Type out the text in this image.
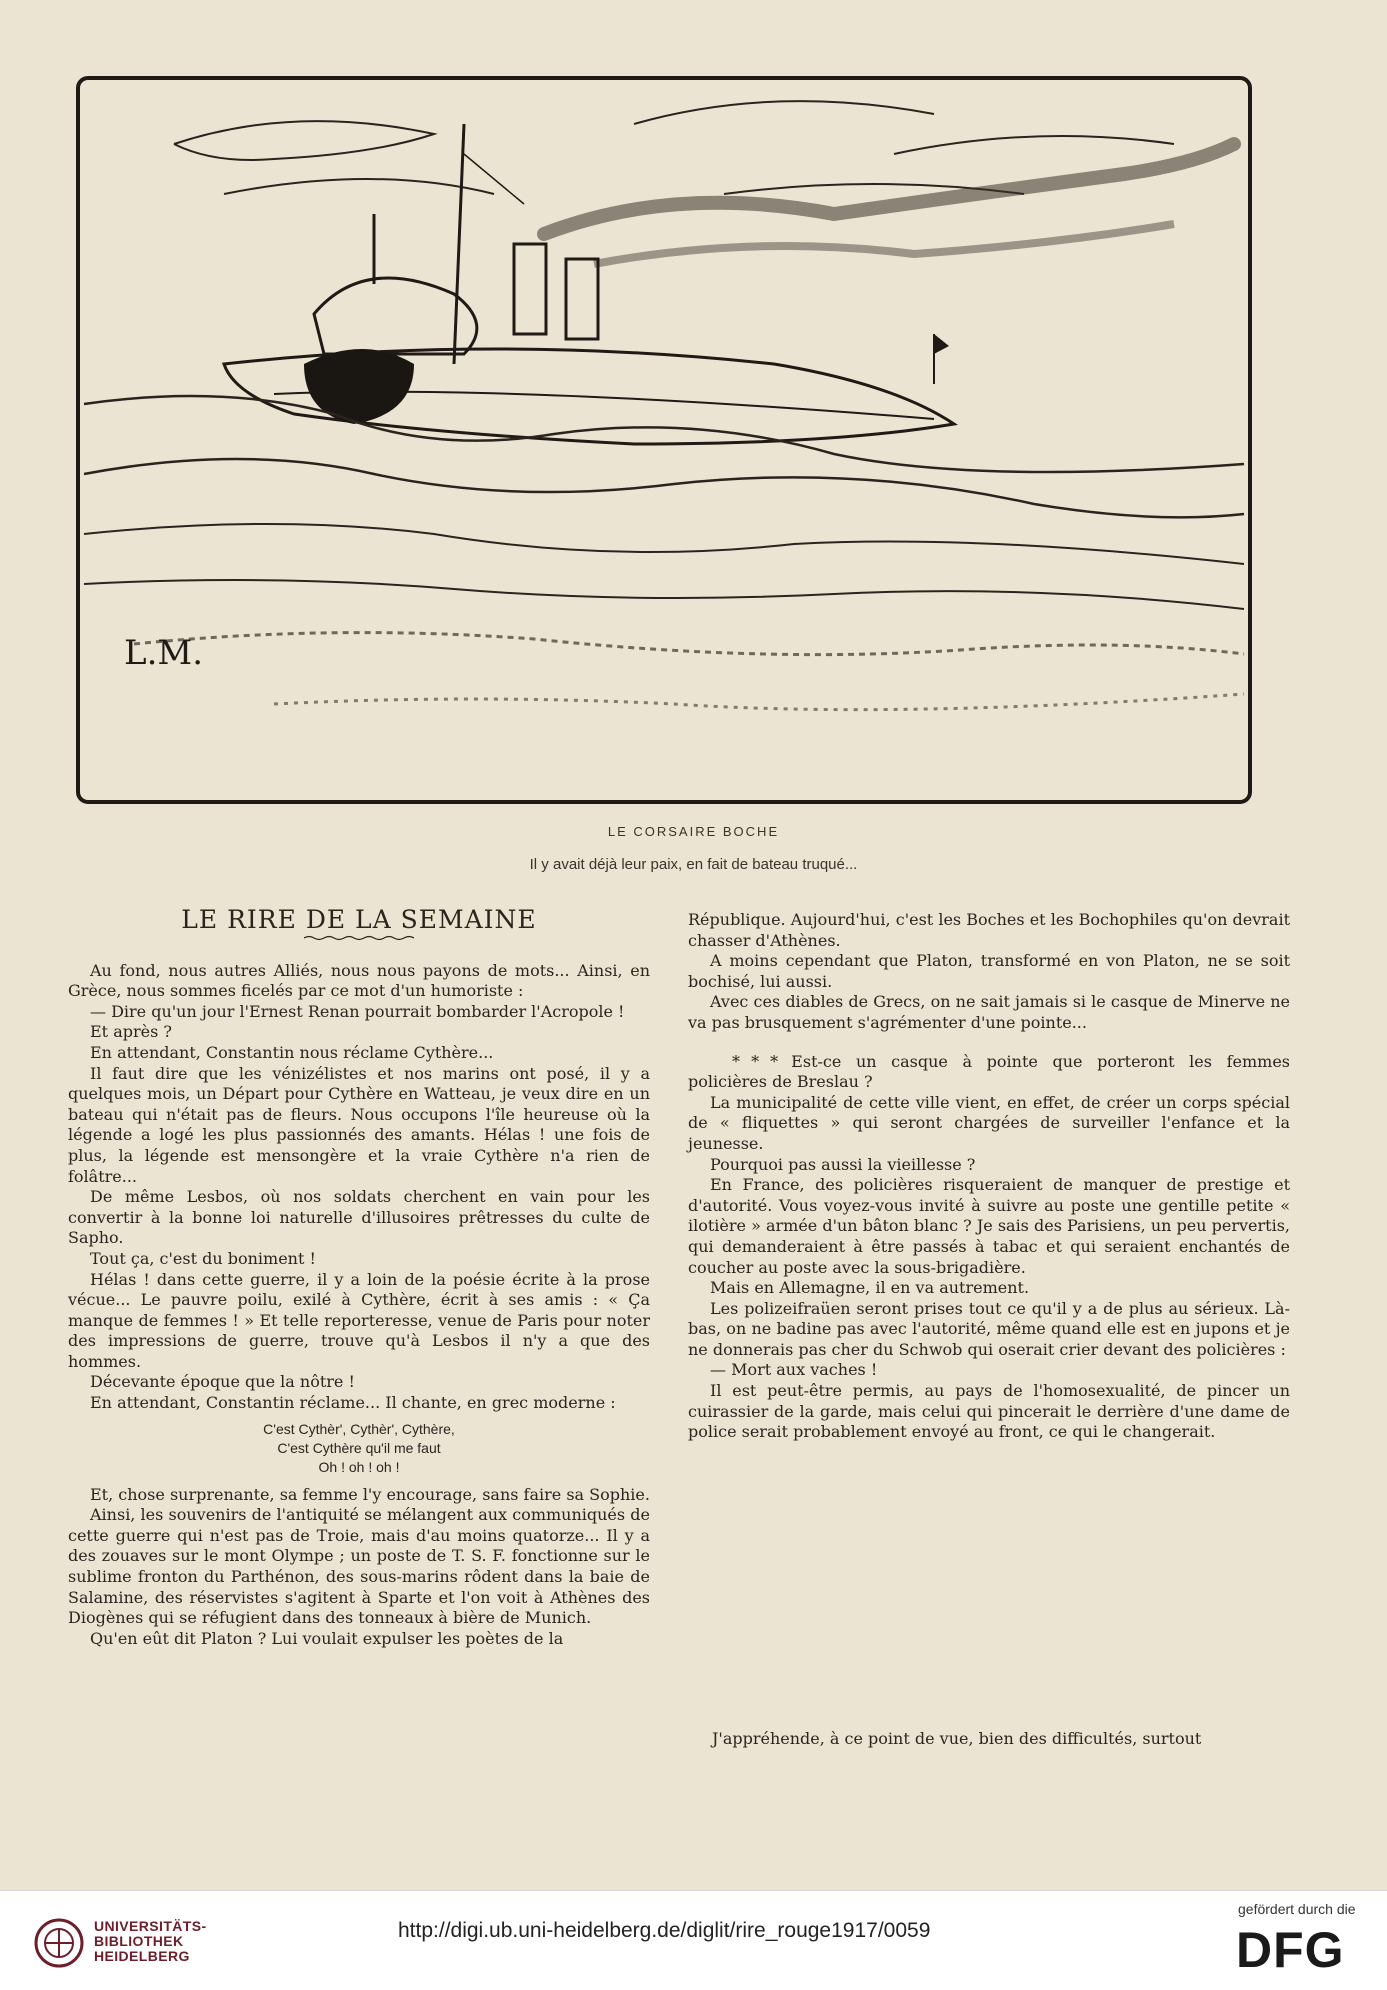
L.M.
LE CORSAIRE BOCHE
Il y avait déjà leur paix, en fait de bateau truqué...
LE RIRE DE LA SEMAINE

Au fond, nous autres Alliés, nous nous payons de mots... Ainsi, en Grèce, nous sommes ficelés par ce mot d'un humoriste :

— Dire qu'un jour l'Ernest Renan pourrait bombarder l'Acropole !

Et après ?

En attendant, Constantin nous réclame Cythère...

Il faut dire que les vénizélistes et nos marins ont posé, il y a quelques mois, un Départ pour Cythère en Watteau, je veux dire en un bateau qui n'était pas de fleurs. Nous occupons l'île heureuse où la légende a logé les plus passionnés des amants. Hélas ! une fois de plus, la légende est mensongère et la vraie Cythère n'a rien de folâtre...

De même Lesbos, où nos soldats cherchent en vain pour les convertir à la bonne loi naturelle d'illusoires prêtresses du culte de Sapho.

Tout ça, c'est du boniment !

Hélas ! dans cette guerre, il y a loin de la poésie écrite à la prose vécue... Le pauvre poilu, exilé à Cythère, écrit à ses amis : « Ça manque de femmes ! » Et telle reporteresse, venue de Paris pour noter des impressions de guerre, trouve qu'à Lesbos il n'y a que des hommes.

Décevante époque que la nôtre !

En attendant, Constantin réclame... Il chante, en grec moderne :

C'est Cythèr', Cythèr', Cythère,
C'est Cythère qu'il me faut
Oh ! oh ! oh !

Et, chose surprenante, sa femme l'y encourage, sans faire sa Sophie.

Ainsi, les souvenirs de l'antiquité se mélangent aux communiqués de cette guerre qui n'est pas de Troie, mais d'au moins quatorze... Il y a des zouaves sur le mont Olympe ; un poste de T. S. F. fonctionne sur le sublime fronton du Parthénon, des sous-marins rôdent dans la baie de Salamine, des réservistes s'agitent à Sparte et l'on voit à Athènes des Diogènes qui se réfugient dans des tonneaux à bière de Munich.

Qu'en eût dit Platon ? Lui voulait expulser les poètes de la

République. Aujourd'hui, c'est les Boches et les Bochophiles qu'on devrait chasser d'Athènes.

A moins cependant que Platon, transformé en von Platon, ne se soit bochisé, lui aussi.

Avec ces diables de Grecs, on ne sait jamais si le casque de Minerve ne va pas brusquement s'agrémenter d'une pointe...

* * * Est-ce un casque à pointe que porteront les femmes policières de Breslau ?

La municipalité de cette ville vient, en effet, de créer un corps spécial de « fliquettes » qui seront chargées de surveiller l'enfance et la jeunesse.

Pourquoi pas aussi la vieillesse ?

En France, des policières risqueraient de manquer de prestige et d'autorité. Vous voyez-vous invité à suivre au poste une gentille petite « ilotière » armée d'un bâton blanc ? Je sais des Parisiens, un peu pervertis, qui demanderaient à être passés à tabac et qui seraient enchantés de coucher au poste avec la sous-brigadière.

Mais en Allemagne, il en va autrement.

Les polizeifraüen seront prises tout ce qu'il y a de plus au sérieux. Là-bas, on ne badine pas avec l'autorité, même quand elle est en jupons et je ne donnerais pas cher du Schwob qui oserait crier devant des policières :

— Mort aux vaches !

Il est peut-être permis, au pays de l'homosexualité, de pincer un cuirassier de la garde, mais celui qui pincerait le derrière d'une dame de police serait probablement envoyé au front, ce qui le changerait.

J'appréhende, à ce point de vue, bien des difficultés, surtout
UNIVERSITÄTS-
BIBLIOTHEK
HEIDELBERG
http://digi.ub.uni-heidelberg.de/diglit/rire_rouge1917/0059
gefördert durch die
DFG
